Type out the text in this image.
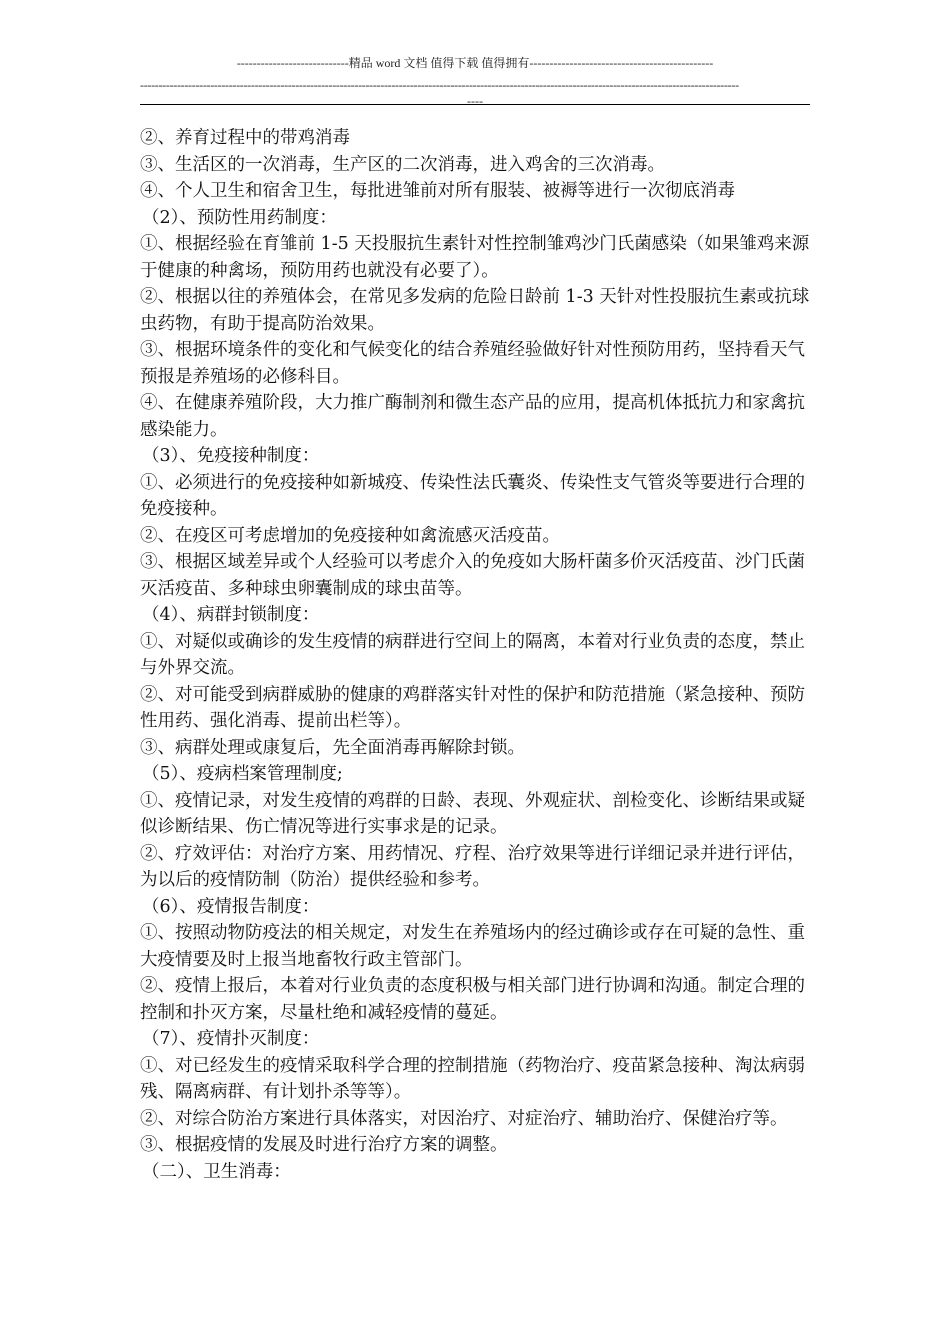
----------------------------精品 word 文档 值得下载 值得拥有----------------------------------------------
------------------------------------------------------------------------------------------------------------------------------------------------------------------
----

②、养育过程中的带鸡消毒

③、生活区的一次消毒，生产区的二次消毒，进入鸡舍的三次消毒。

④、个人卫生和宿舍卫生，每批进雏前对所有服装、被褥等进行一次彻底消毒

（2）、预防性用药制度：

①、根据经验在育雏前 1-5 天投服抗生素针对性控制雏鸡沙门氏菌感染（如果雏鸡来源于健康的种禽场，预防用药也就没有必要了）。

②、根据以往的养殖体会，在常见多发病的危险日龄前 1-3 天针对性投服抗生素或抗球虫药物，有助于提高防治效果。

③、根据环境条件的变化和气候变化的结合养殖经验做好针对性预防用药，坚持看天气预报是养殖场的必修科目。

④、在健康养殖阶段，大力推广酶制剂和微生态产品的应用，提高机体抵抗力和家禽抗感染能力。

（3）、免疫接种制度：

①、必须进行的免疫接种如新城疫、传染性法氏囊炎、传染性支气管炎等要进行合理的免疫接种。

②、在疫区可考虑增加的免疫接种如禽流感灭活疫苗。

③、根据区域差异或个人经验可以考虑介入的免疫如大肠杆菌多价灭活疫苗、沙门氏菌灭活疫苗、多种球虫卵囊制成的球虫苗等。

（4）、病群封锁制度：

①、对疑似或确诊的发生疫情的病群进行空间上的隔离，本着对行业负责的态度，禁止与外界交流。

②、对可能受到病群威胁的健康的鸡群落实针对性的保护和防范措施（紧急接种、预防性用药、强化消毒、提前出栏等）。

③、病群处理或康复后，先全面消毒再解除封锁。

（5）、疫病档案管理制度;

①、疫情记录，对发生疫情的鸡群的日龄、表现、外观症状、剖检变化、诊断结果或疑似诊断结果、伤亡情况等进行实事求是的记录。

②、疗效评估：对治疗方案、用药情况、疗程、治疗效果等进行详细记录并进行评估，为以后的疫情防制（防治）提供经验和参考。

（6）、疫情报告制度：

①、按照动物防疫法的相关规定，对发生在养殖场内的经过确诊或存在可疑的急性、重大疫情要及时上报当地畜牧行政主管部门。

②、疫情上报后，本着对行业负责的态度积极与相关部门进行协调和沟通。制定合理的控制和扑灭方案，尽量杜绝和减轻疫情的蔓延。

（7）、疫情扑灭制度：

①、对已经发生的疫情采取科学合理的控制措施（药物治疗、疫苗紧急接种、淘汰病弱残、隔离病群、有计划扑杀等等）。

②、对综合防治方案进行具体落实，对因治疗、对症治疗、辅助治疗、保健治疗等。

③、根据疫情的发展及时进行治疗方案的调整。

（二）、卫生消毒：
